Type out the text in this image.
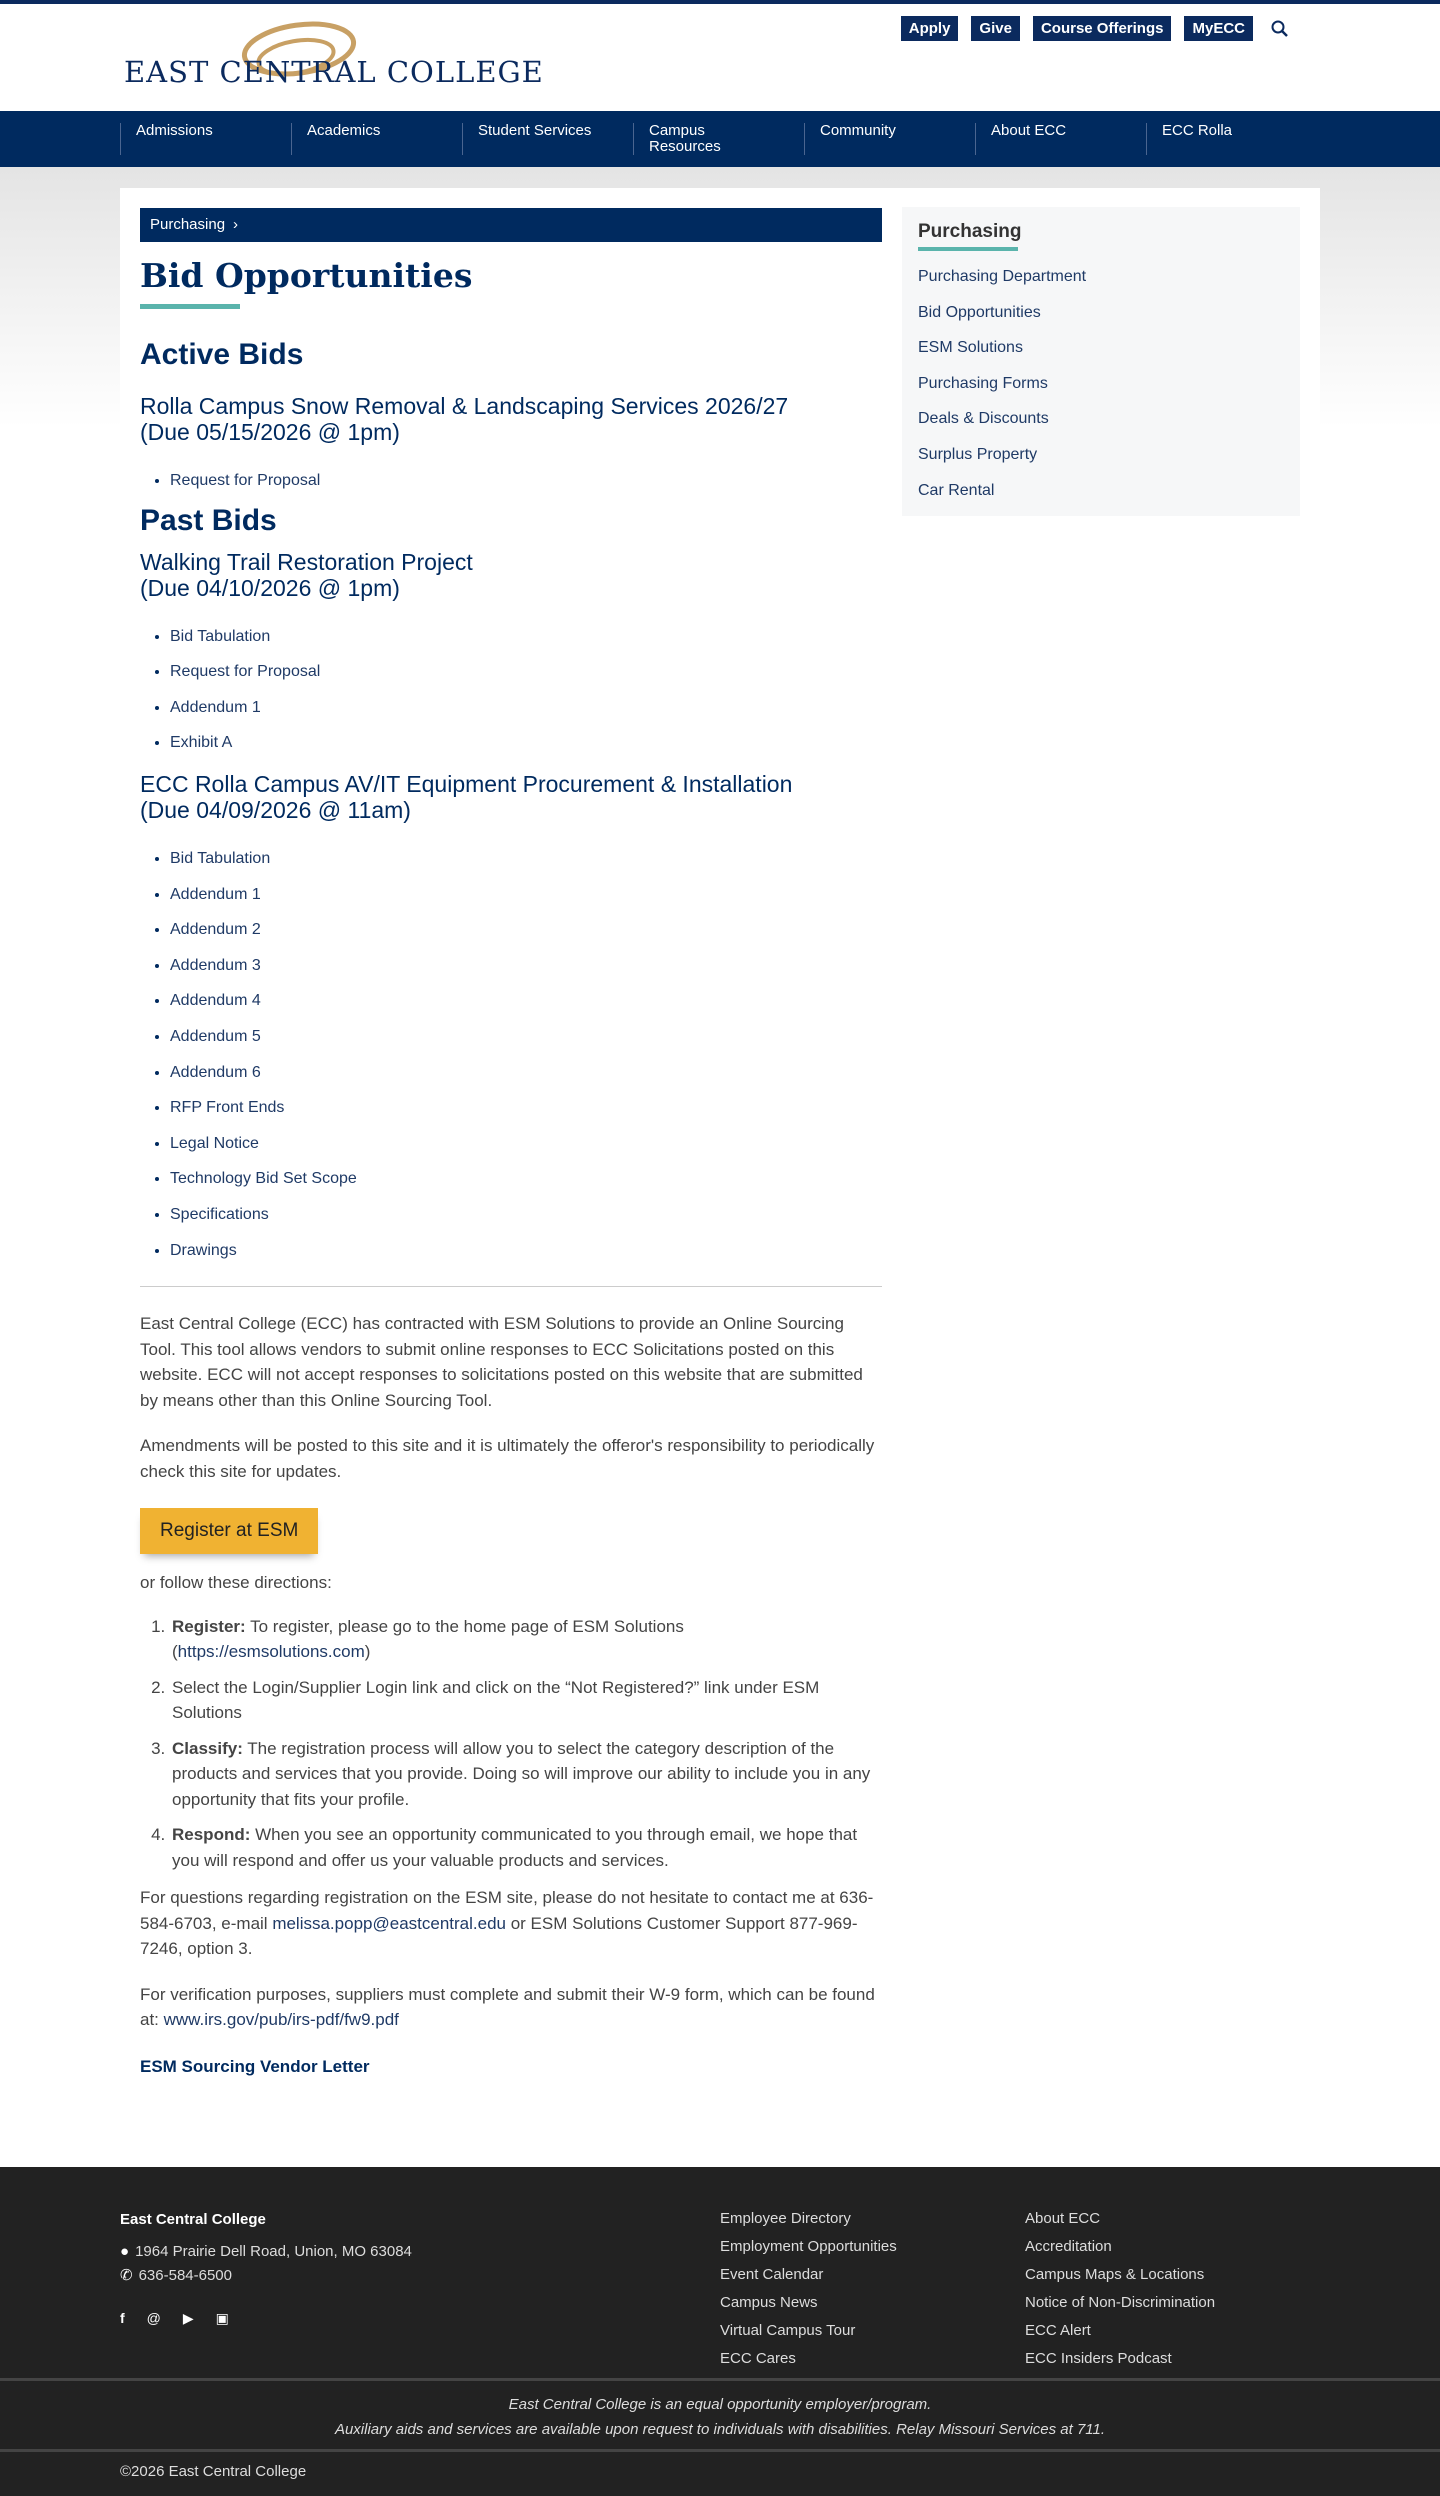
EAST CENTRAL COLLEGE
Apply	Give	Course Offerings	MyECC
Admissions	Academics	Student Services	Campus Resources
Community	About ECC	ECC Rolla
Purchasing ›
Bid Opportunities
Active Bids
Rolla Campus Snow Removal & Landscaping Services 2026/27
(Due 05/15/2026 @ 1pm)
• Request for Proposal
Past Bids
Walking Trail Restoration Project
(Due 04/10/2026 @ 1pm)
• Bid Tabulation
• Request for Proposal
• Addendum 1
• Exhibit A
ECC Rolla Campus AV/IT Equipment Procurement & Installation
(Due 04/09/2026 @ 11am)
• Bid Tabulation
• Addendum 1
• Addendum 2
• Addendum 3
• Addendum 4
• Addendum 5
• Addendum 6
• RFP Front Ends
• Legal Notice
• Technology Bid Set Scope
• Specifications
• Drawings

East Central College (ECC) has contracted with ESM Solutions to provide an Online Sourcing Tool. This tool allows vendors to submit online responses to ECC Solicitations posted on this website. ECC will not accept responses to solicitations posted on this website that are submitted by means other than this Online Sourcing Tool.

Amendments will be posted to this site and it is ultimately the offeror's responsibility to periodically check this site for updates.

Register at ESM

or follow these directions:

1. Register: To register, please go to the home page of ESM Solutions (https://esmsolutions.com)
2. Select the Login/Supplier Login link and click on the “Not Registered?” link under ESM Solutions
3. Classify: The registration process will allow you to select the category description of the products and services that you provide. Doing so will improve our ability to include you in any opportunity that fits your profile.
4. Respond: When you see an opportunity communicated to you through email, we hope that you will respond and offer us your valuable products and services.

For questions regarding registration on the ESM site, please do not hesitate to contact me at 636-584-6703, e-mail melissa.popp@eastcentral.edu or ESM Solutions Customer Support 877-969-7246, option 3.

For verification purposes, suppliers must complete and submit their W-9 form, which can be found at: www.irs.gov/pub/irs-pdf/fw9.pdf

ESM Sourcing Vendor Letter
Purchasing
Purchasing Department
Bid Opportunities
ESM Solutions
Purchasing Forms
Deals & Discounts
Surplus Property
Car Rental
East Central College
● 1964 Prairie Dell Road, Union, MO 63084
✆ 636-584-6500
f @ ▶ ▣
Employee Directory
Employment Opportunities
Event Calendar
Campus News
Virtual Campus Tour
ECC Cares
About ECC
Accreditation
Campus Maps & Locations
Notice of Non-Discrimination
ECC Alert
ECC Insiders Podcast
East Central College is an equal opportunity employer/program.
Auxiliary aids and services are available upon request to individuals with disabilities. Relay Missouri Services at 711.
©2026 East Central College
